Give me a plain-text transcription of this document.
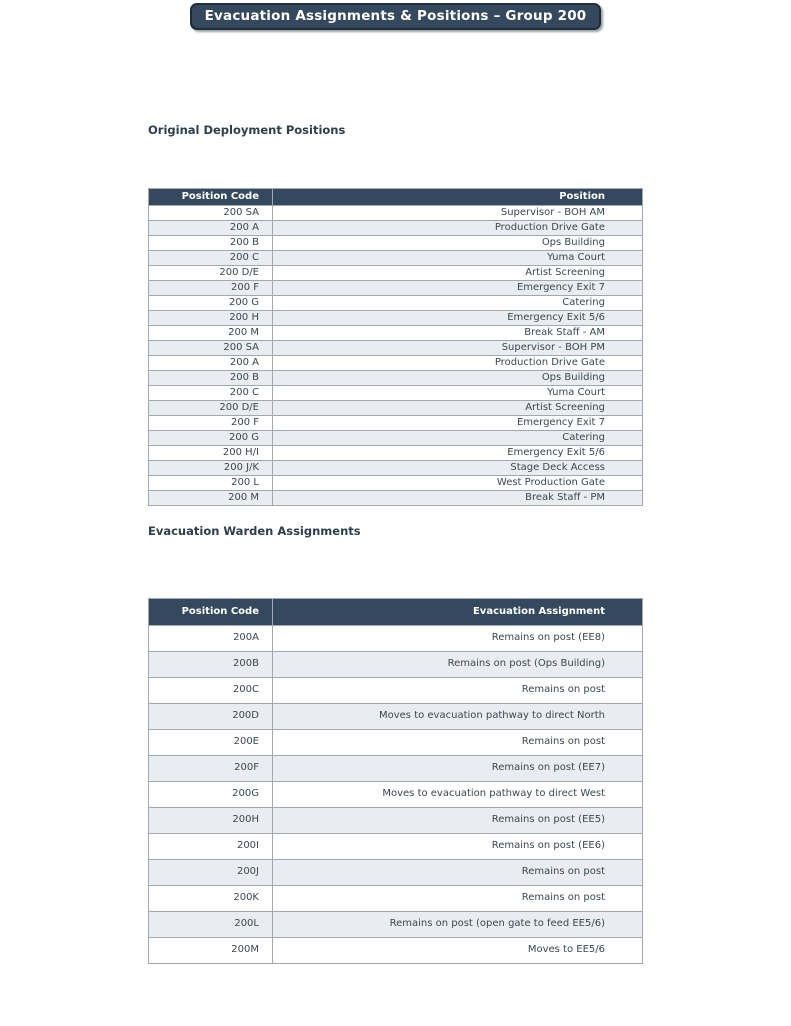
Evacuation Assignments & Positions – Group 200
Original Deployment Positions
Position Code	Position
200 SA	Supervisor - BOH AM
200 A	Production Drive Gate
200 B	Ops Building
200 C	Yuma Court
200 D/E	Artist Screening
200 F	Emergency Exit 7
200 G	Catering
200 H	Emergency Exit 5/6
200 M	Break Staff - AM
200 SA	Supervisor - BOH PM
200 A	Production Drive Gate
200 B	Ops Building
200 C	Yuma Court
200 D/E	Artist Screening
200 F	Emergency Exit 7
200 G	Catering
200 H/I	Emergency Exit 5/6
200 J/K	Stage Deck Access
200 L	West Production Gate
200 M	Break Staff - PM
Evacuation Warden Assignments
Position Code	Evacuation Assignment
200A	Remains on post (EE8)
200B	Remains on post (Ops Building)
200C	Remains on post
200D	Moves to evacuation pathway to direct North
200E	Remains on post
200F	Remains on post (EE7)
200G	Moves to evacuation pathway to direct West
200H	Remains on post (EE5)
200I	Remains on post (EE6)
200J	Remains on post
200K	Remains on post
200L	Remains on post (open gate to feed EE5/6)
200M	Moves to EE5/6
